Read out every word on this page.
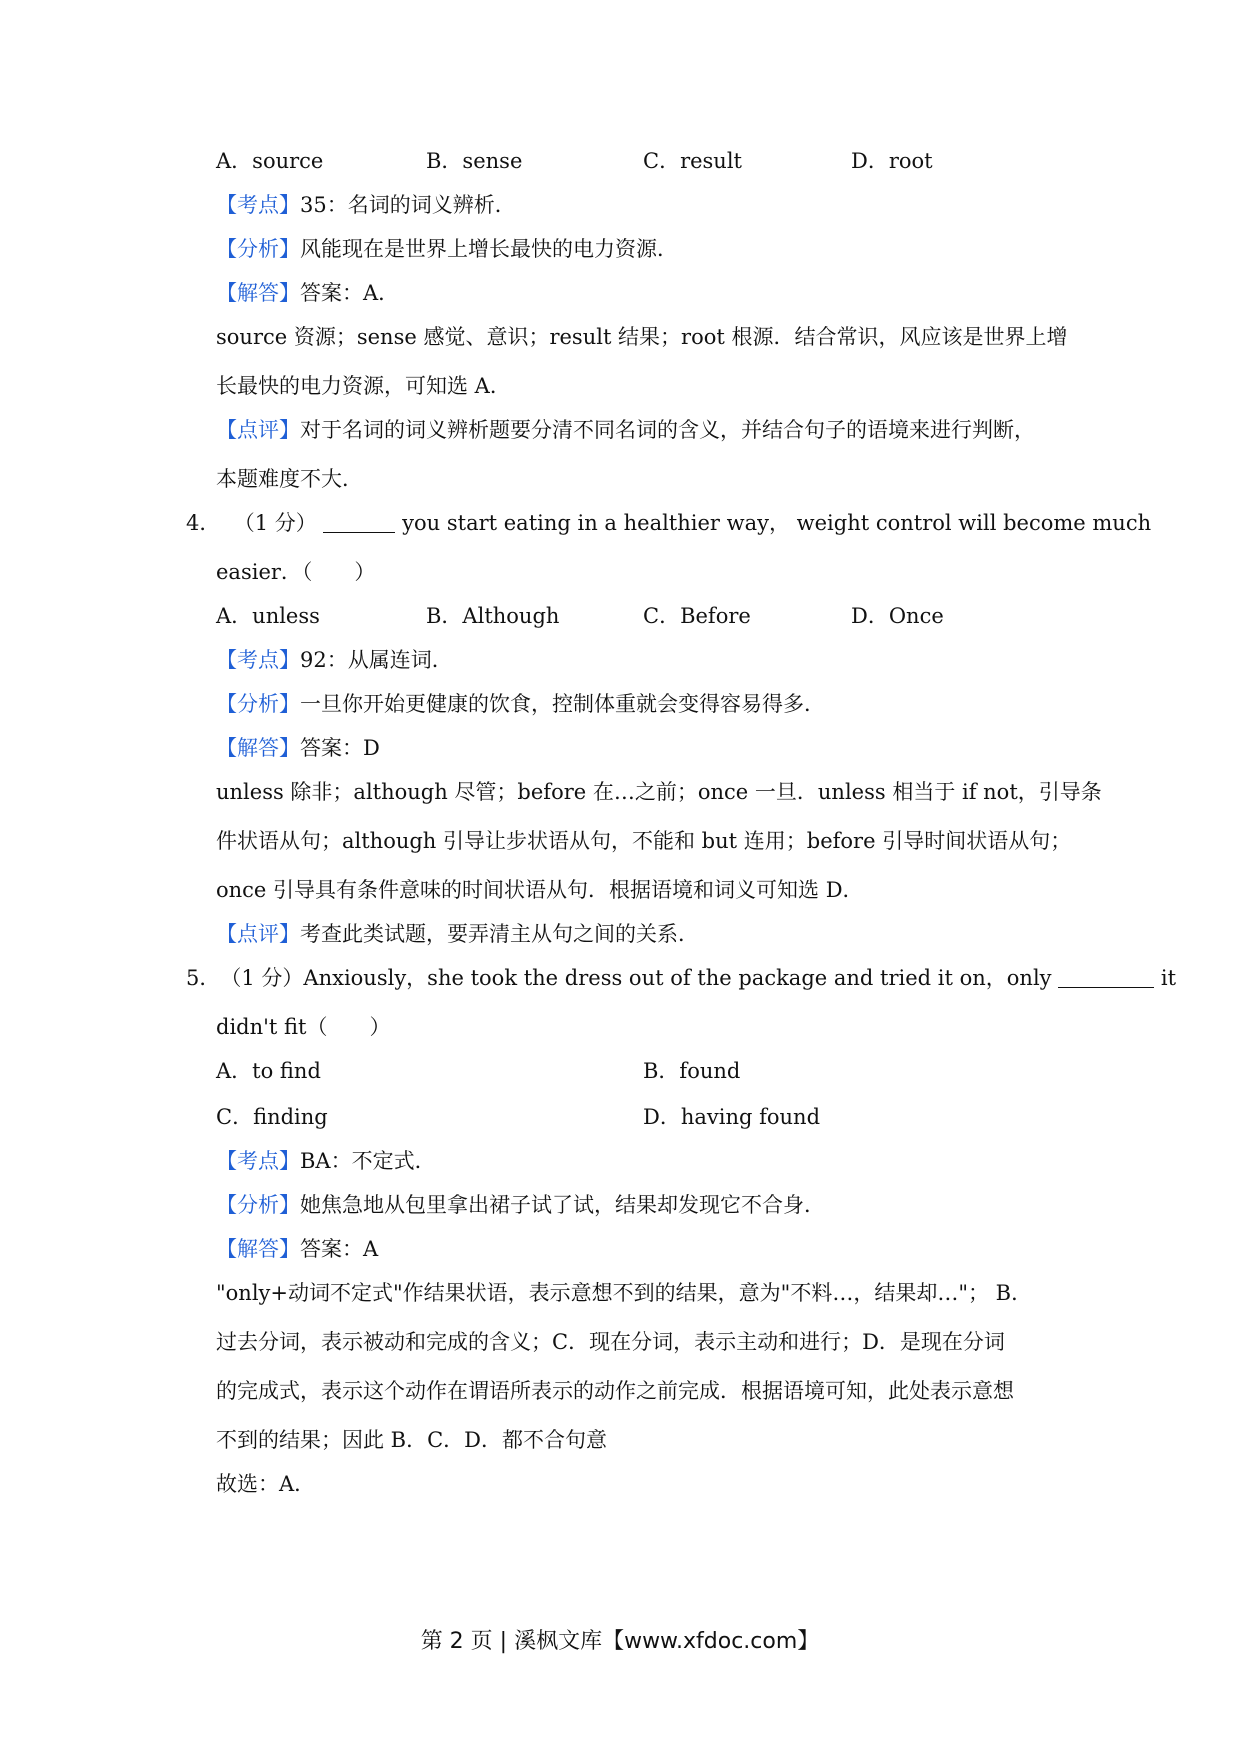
A．source	B．sense	C．result	D．root
【考点】35：名词的词义辨析．
【分析】风能现在是世界上增长最快的电力资源．
【解答】答案：A．
source 资源；sense 感觉、意识；result 结果；root 根源．结合常识，风应该是世界上增
长最快的电力资源，可知选 A．
【点评】对于名词的词义辨析题要分清不同名词的含义，并结合句子的语境来进行判断，
本题难度不大．
4． （1 分）	you start eating in a healthier way， weight control will become much
easier．（　　）
A．unless	B．Although	C．Before	D．Once
【考点】92：从属连词．
【分析】一旦你开始更健康的饮食，控制体重就会变得容易得多．
【解答】答案：D
unless 除非；although 尽管；before 在…之前；once 一旦．unless 相当于 if not，引导条
件状语从句；although 引导让步状语从句，不能和 but 连用；before 引导时间状语从句；
once 引导具有条件意味的时间状语从句．根据语境和词义可知选 D．
【点评】考查此类试题，要弄清主从句之间的关系．
5．（1 分）Anxiously，she took the dress out of the package and tried it on，only	it
didn't fit（　　）
A．to find	B．found
C．finding	D．having found
【考点】BA：不定式．
【分析】她焦急地从包里拿出裙子试了试，结果却发现它不合身．
【解答】答案：A
"only+动词不定式"作结果状语，表示意想不到的结果，意为"不料…，结果却…"； B．
过去分词，表示被动和完成的含义；C．现在分词，表示主动和进行；D．是现在分词
的完成式，表示这个动作在谓语所表示的动作之前完成．根据语境可知，此处表示意想
不到的结果；因此 B．C．D．都不合句意
故选：A．
第 2 页 | 溪枫文库【www.xfdoc.com】
